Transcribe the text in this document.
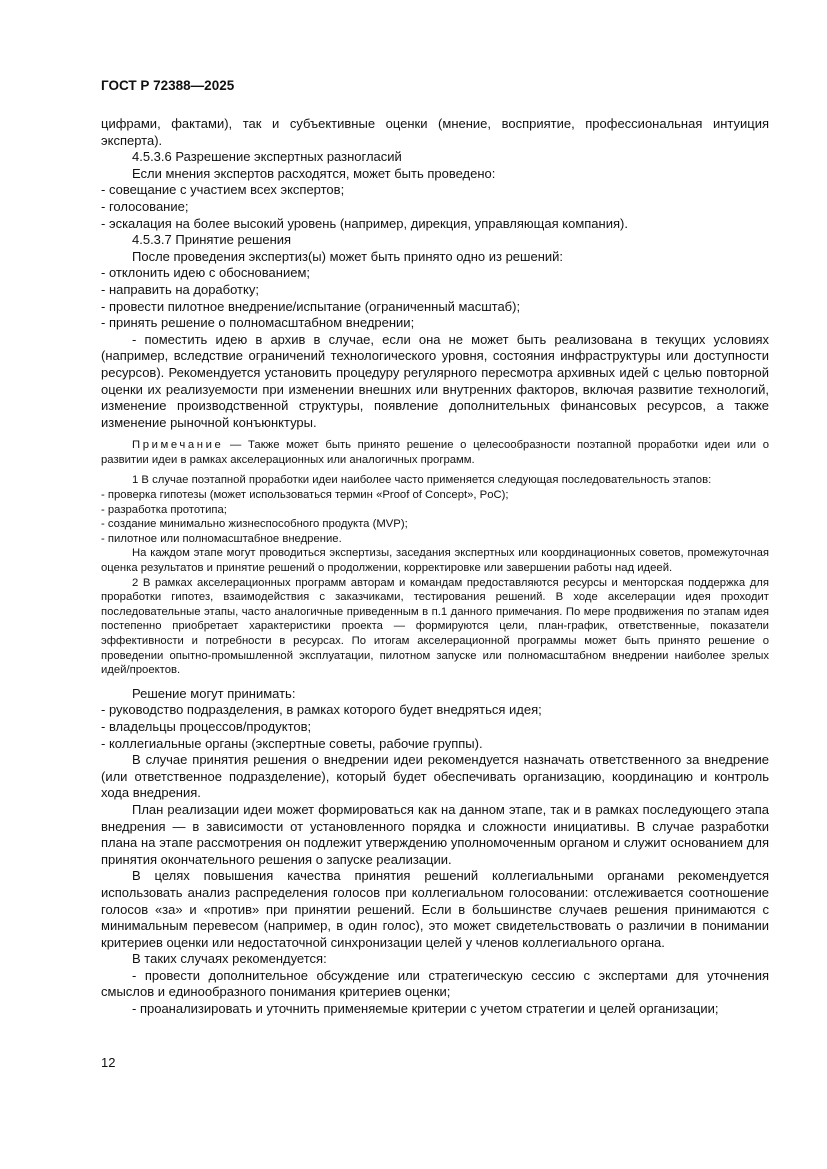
ГОСТ Р 72388—2025

цифрами, фактами), так и субъективные оценки (мнение, восприятие, профессиональная интуиция эксперта).

4.5.3.6 Разрешение экспертных разногласий

Если мнения экспертов расходятся, может быть проведено:

- совещание с участием всех экспертов;

- голосование;

- эскалация на более высокий уровень (например, дирекция, управляющая компания).

4.5.3.7 Принятие решения

После проведения экспертиз(ы) может быть принято одно из решений:

- отклонить идею с обоснованием;

- направить на доработку;

- провести пилотное внедрение/испытание (ограниченный масштаб);

- принять решение о полномасштабном внедрении;

- поместить идею в архив в случае, если она не может быть реализована в текущих условиях (например, вследствие ограничений технологического уровня, состояния инфраструктуры или доступности ресурсов). Рекомендуется установить процедуру регулярного пересмотра архивных идей с целью повторной оценки их реализуемости при изменении внешних или внутренних факторов, включая развитие технологий, изменение производственной структуры, появление дополнительных финансовых ресурсов, а также изменение рыночной конъюнктуры.

Примечание — Также может быть принято решение о целесообразности поэтапной проработки идеи или о развитии идеи в рамках акселерационных или аналогичных программ.

1 В случае поэтапной проработки идеи наиболее часто применяется следующая последовательность этапов:

- проверка гипотезы (может использоваться термин «Proof of Concept», PoC);

- разработка прототипа;

- создание минимально жизнеспособного продукта (MVP);

- пилотное или полномасштабное внедрение.

На каждом этапе могут проводиться экспертизы, заседания экспертных или координационных советов, промежуточная оценка результатов и принятие решений о продолжении, корректировке или завершении работы над идеей.

2 В рамках акселерационных программ авторам и командам предоставляются ресурсы и менторская поддержка для проработки гипотез, взаимодействия с заказчиками, тестирования решений. В ходе акселерации идея проходит последовательные этапы, часто аналогичные приведенным в п.1 данного примечания. По мере продвижения по этапам идея постепенно приобретает характеристики проекта — формируются цели, план-график, ответственные, показатели эффективности и потребности в ресурсах. По итогам акселерационной программы может быть принято решение о проведении опытно-промышленной эксплуатации, пилотном запуске или полномасштабном внедрении наиболее зрелых идей/проектов.

Решение могут принимать:

- руководство подразделения, в рамках которого будет внедряться идея;

- владельцы процессов/продуктов;

- коллегиальные органы (экспертные советы, рабочие группы).

В случае принятия решения о внедрении идеи рекомендуется назначать ответственного за внедрение (или ответственное подразделение), который будет обеспечивать организацию, координацию и контроль хода внедрения.

План реализации идеи может формироваться как на данном этапе, так и в рамках последующего этапа внедрения — в зависимости от установленного порядка и сложности инициативы. В случае разработки плана на этапе рассмотрения он подлежит утверждению уполномоченным органом и служит основанием для принятия окончательного решения о запуске реализации.

В целях повышения качества принятия решений коллегиальными органами рекомендуется использовать анализ распределения голосов при коллегиальном голосовании: отслеживается соотношение голосов «за» и «против» при принятии решений. Если в большинстве случаев решения принимаются с минимальным перевесом (например, в один голос), это может свидетельствовать о различии в понимании критериев оценки или недостаточной синхронизации целей у членов коллегиального органа.

В таких случаях рекомендуется:

- провести дополнительное обсуждение или стратегическую сессию с экспертами для уточнения смыслов и единообразного понимания критериев оценки;

- проанализировать и уточнить применяемые критерии с учетом стратегии и целей организации;

12
